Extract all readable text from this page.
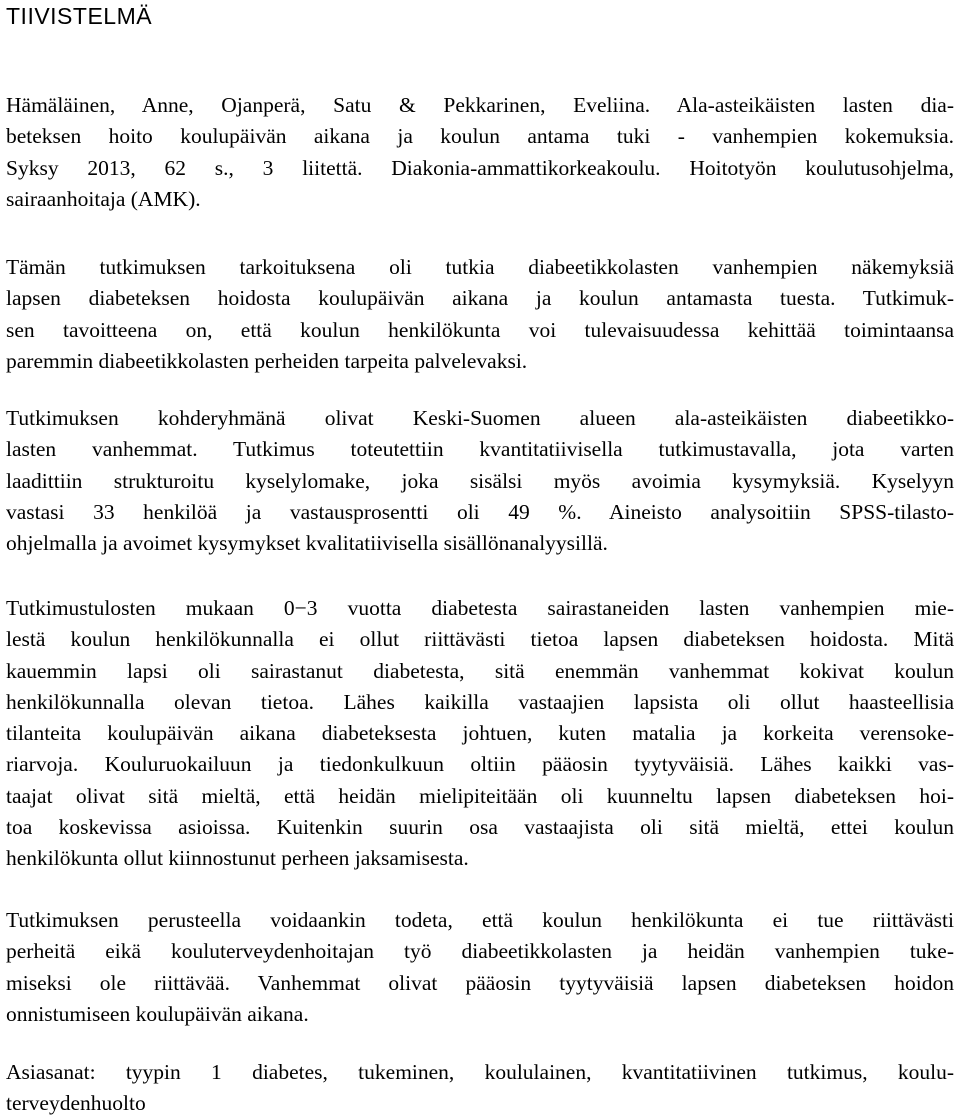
TIIVISTELMÄ
Hämäläinen, Anne, Ojanperä, Satu & Pekkarinen, Eveliina. Ala-asteikäisten lasten dia-
beteksen hoito koulupäivän aikana ja koulun antama tuki - vanhempien kokemuksia.
Syksy 2013, 62 s., 3 liitettä. Diakonia-ammattikorkeakoulu. Hoitotyön koulutusohjelma,
sairaanhoitaja (AMK).
Tämän tutkimuksen tarkoituksena oli tutkia diabeetikkolasten vanhempien näkemyksiä
lapsen diabeteksen hoidosta koulupäivän aikana ja koulun antamasta tuesta. Tutkimuk-
sen tavoitteena on, että koulun henkilökunta voi tulevaisuudessa kehittää toimintaansa
paremmin diabeetikkolasten perheiden tarpeita palvelevaksi.
Tutkimuksen kohderyhmänä olivat Keski-Suomen alueen ala-asteikäisten diabeetikko-
lasten vanhemmat. Tutkimus toteutettiin kvantitatiivisella tutkimustavalla, jota varten
laadittiin strukturoitu kyselylomake, joka sisälsi myös avoimia kysymyksiä. Kyselyyn
vastasi 33 henkilöä ja vastausprosentti oli 49 %. Aineisto analysoitiin SPSS-tilasto-
ohjelmalla ja avoimet kysymykset kvalitatiivisella sisällönanalyysillä.
Tutkimustulosten mukaan 0−3 vuotta diabetesta sairastaneiden lasten vanhempien mie-
lestä koulun henkilökunnalla ei ollut riittävästi tietoa lapsen diabeteksen hoidosta. Mitä
kauemmin lapsi oli sairastanut diabetesta, sitä enemmän vanhemmat kokivat koulun
henkilökunnalla olevan tietoa. Lähes kaikilla vastaajien lapsista oli ollut haasteellisia
tilanteita koulupäivän aikana diabeteksesta johtuen, kuten matalia ja korkeita verensoke-
riarvoja. Kouluruokailuun ja tiedonkulkuun oltiin pääosin tyytyväisiä. Lähes kaikki vas-
taajat olivat sitä mieltä, että heidän mielipiteitään oli kuunneltu lapsen diabeteksen hoi-
toa koskevissa asioissa. Kuitenkin suurin osa vastaajista oli sitä mieltä, ettei koulun
henkilökunta ollut kiinnostunut perheen jaksamisesta.
Tutkimuksen perusteella voidaankin todeta, että koulun henkilökunta ei tue riittävästi
perheitä eikä kouluterveydenhoitajan työ diabeetikkolasten ja heidän vanhempien tuke-
miseksi ole riittävää. Vanhemmat olivat pääosin tyytyväisiä lapsen diabeteksen hoidon
onnistumiseen koulupäivän aikana.
Asiasanat: tyypin 1 diabetes, tukeminen, koululainen, kvantitatiivinen tutkimus, koulu-
terveydenhuolto
